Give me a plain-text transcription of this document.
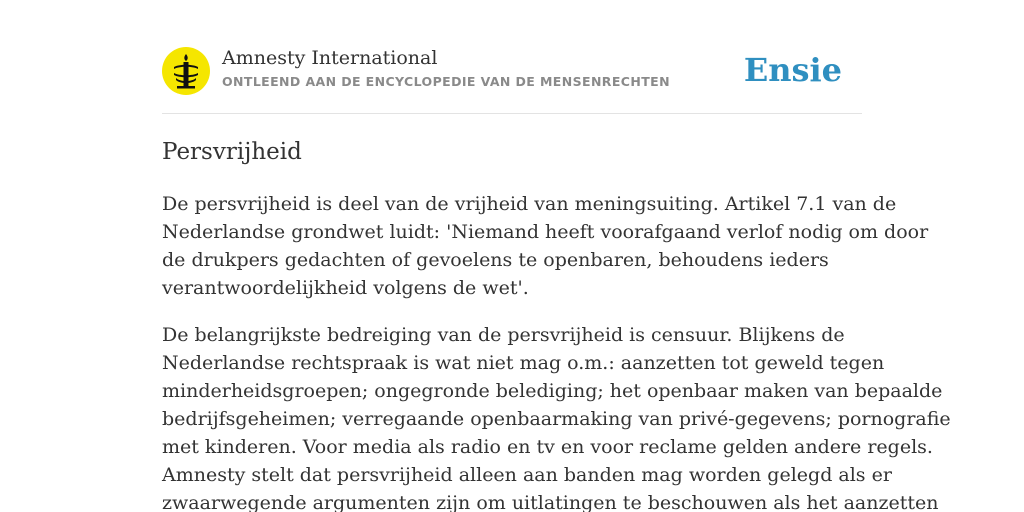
Amnesty International
ONTLEEND AAN DE ENCYCLOPEDIE VAN DE MENSENRECHTEN Ensie
Persvrijheid

De persvrijheid is deel van de vrijheid van meningsuiting. Artikel 7.1 van de
Nederlandse grondwet luidt: 'Niemand heeft voorafgaand verlof nodig om door
de drukpers gedachten of gevoelens te openbaren, behoudens ieders
verantwoordelijkheid volgens de wet'.

De belangrijkste bedreiging van de persvrijheid is censuur. Blijkens de
Nederlandse rechtspraak is wat niet mag o.m.: aanzetten tot geweld tegen
minderheidsgroepen; ongegronde belediging; het openbaar maken van bepaalde
bedrijfsgeheimen; verregaande openbaarmaking van privé-gegevens; pornografie
met kinderen. Voor media als radio en tv en voor reclame gelden andere regels.
Amnesty stelt dat persvrijheid alleen aan banden mag worden gelegd als er
zwaarwegende argumenten zijn om uitlatingen te beschouwen als het aanzetten
